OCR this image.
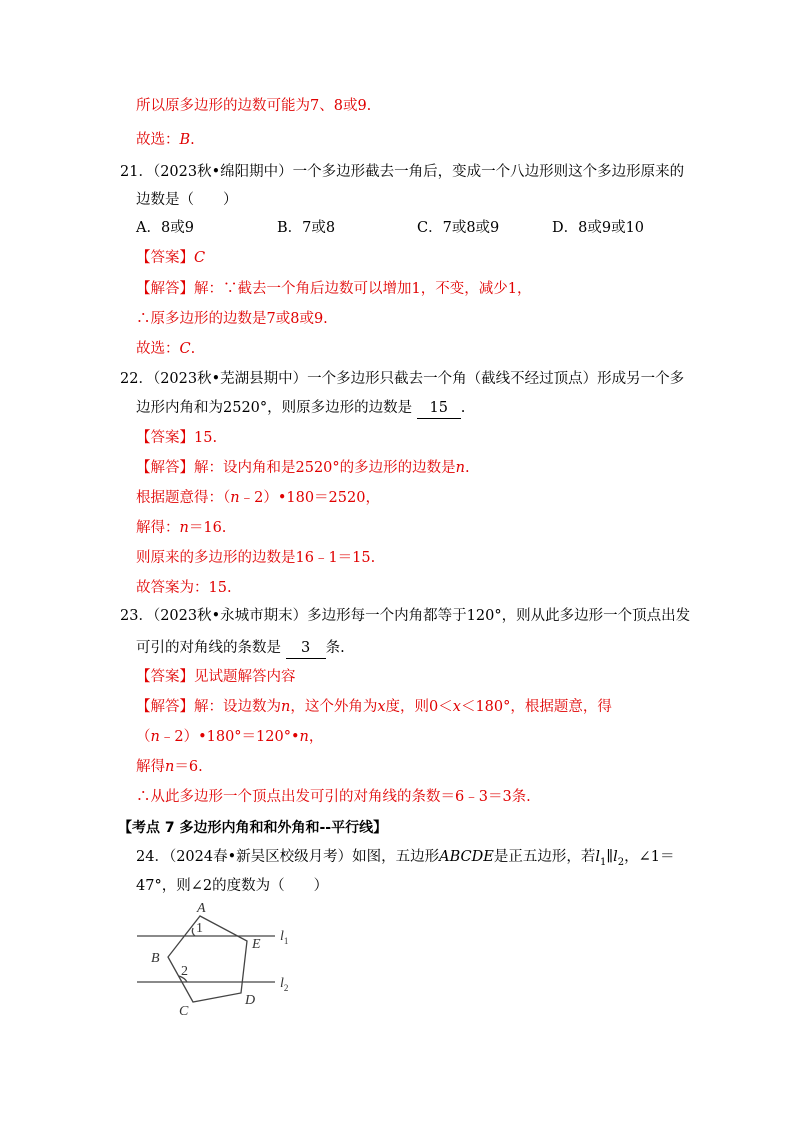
所以原多边形的边数可能为7、8或9.
故选：B.
21．（2023秋•绵阳期中）一个多边形截去一角后，变成一个八边形则这个多边形原来的
边数是（　　）
A．8或9	B．7或8	C．7或8或9	D．8或9或10
【答案】C
【解答】解：∵截去一个角后边数可以增加1，不变，减少1，
∴原多边形的边数是7或8或9.
故选：C.
22．（2023秋•芜湖县期中）一个多边形只截去一个角（截线不经过顶点）形成另一个多
边形内角和为2520°，则原多边形的边数是 15 .
【答案】15.
【解答】解：设内角和是2520°的多边形的边数是n.
根据题意得：（n﹣2）•180＝2520，
解得：n＝16.
则原来的多边形的边数是16﹣1＝15.
故答案为：15.
23．（2023秋•永城市期末）多边形每一个内角都等于120°，则从此多边形一个顶点出发
可引的对角线的条数是 3 条.
【答案】见试题解答内容
【解答】解：设边数为n，这个外角为x度，则0＜x＜180°，根据题意，得
（n﹣2）•180°＝120°•n，
解得n＝6.
∴从此多边形一个顶点出发可引的对角线的条数＝6﹣3＝3条.
【考点 7 多边形内角和和外角和--平行线】
24．（2024春•新吴区校级月考）如图，五边形ABCDE是正五边形，若$l_1\parallel l_2$，∠1＝
47°，则∠2的度数为（　　）
A
B
C
D
E
1
2
$l_1$
$l_2$
